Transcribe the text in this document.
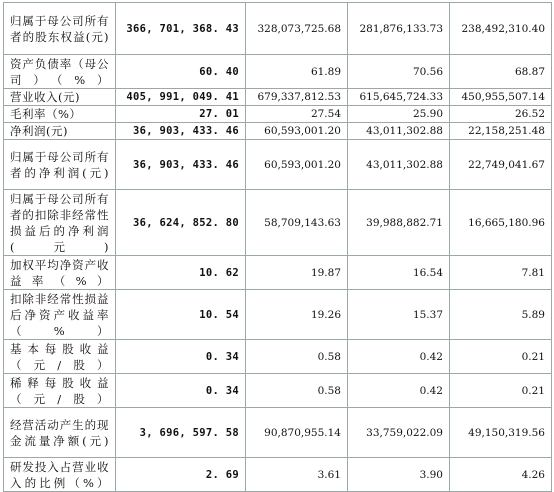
归属于母公司所有者的股东权益(元)	366, 701, 368. 43	328,073,725.68	281,876,133.73	238,492,310.40
资产负债率（母公司）（%）	60. 40	61.89	70.56	68.87
营业收入(元)	405, 991, 049. 41	679,337,812.53	615,645,724.33	450,955,507.14
毛利率（%）	27. 01	27.54	25.90	26.52
净利润(元)	36, 903, 433. 46	60,593,001.20	43,011,302.88	22,158,251.48
归属于母公司所有者的净利润(元)	36, 903, 433. 46	60,593,001.20	43,011,302.88	22,749,041.67
归属于母公司所有者的扣除非经常性损益后的净利润(元)	36, 624, 852. 80	58,709,143.63	39,988,882.71	16,665,180.96
加权平均净资产收益率（%）	10. 62	19.87	16.54	7.81
扣除非经常性损益后净资产收益率（%）	10. 54	19.26	15.37	5.89
基本每股收益（元/股）	0. 34	0.58	0.42	0.21
稀释每股收益（元/股）	0. 34	0.58	0.42	0.21
经营活动产生的现金流量净额(元)	3, 696, 597. 58	90,870,955.14	33,759,022.09	49,150,319.56
研发投入占营业收入的比例（%）	2. 69	3.61	3.90	4.26
